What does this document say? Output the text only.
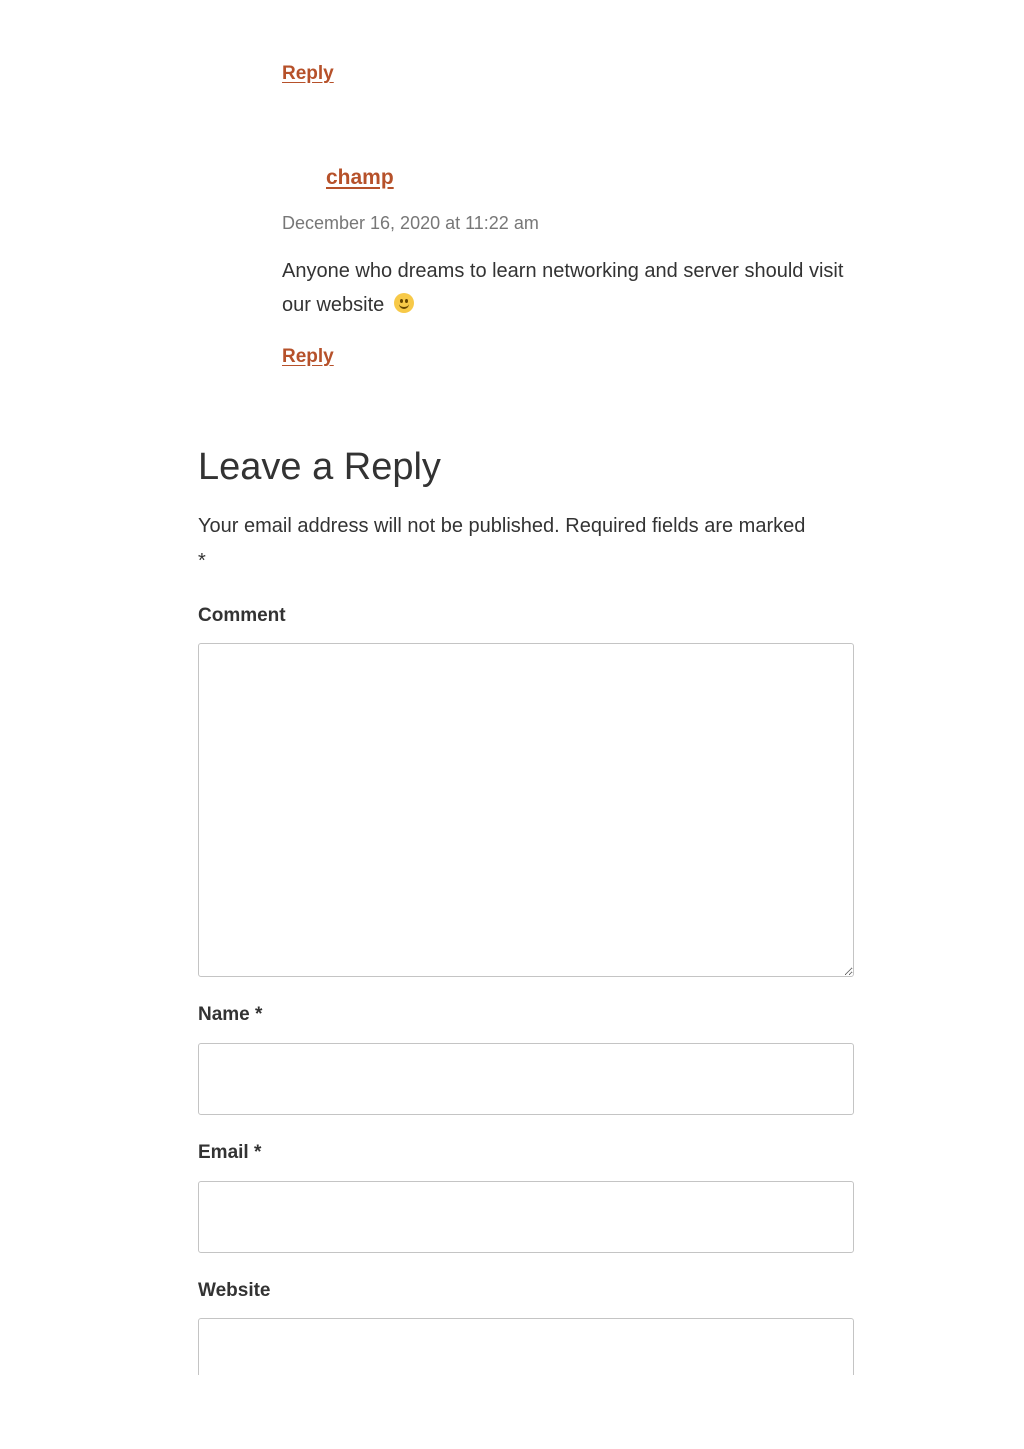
Reply
champ
December 16, 2020 at 11:22 am
Anyone who dreams to learn networking and server should visit our website
Reply
Leave a Reply
Your email address will not be published. Required fields are marked *
Comment
Name *
Email *
Website
